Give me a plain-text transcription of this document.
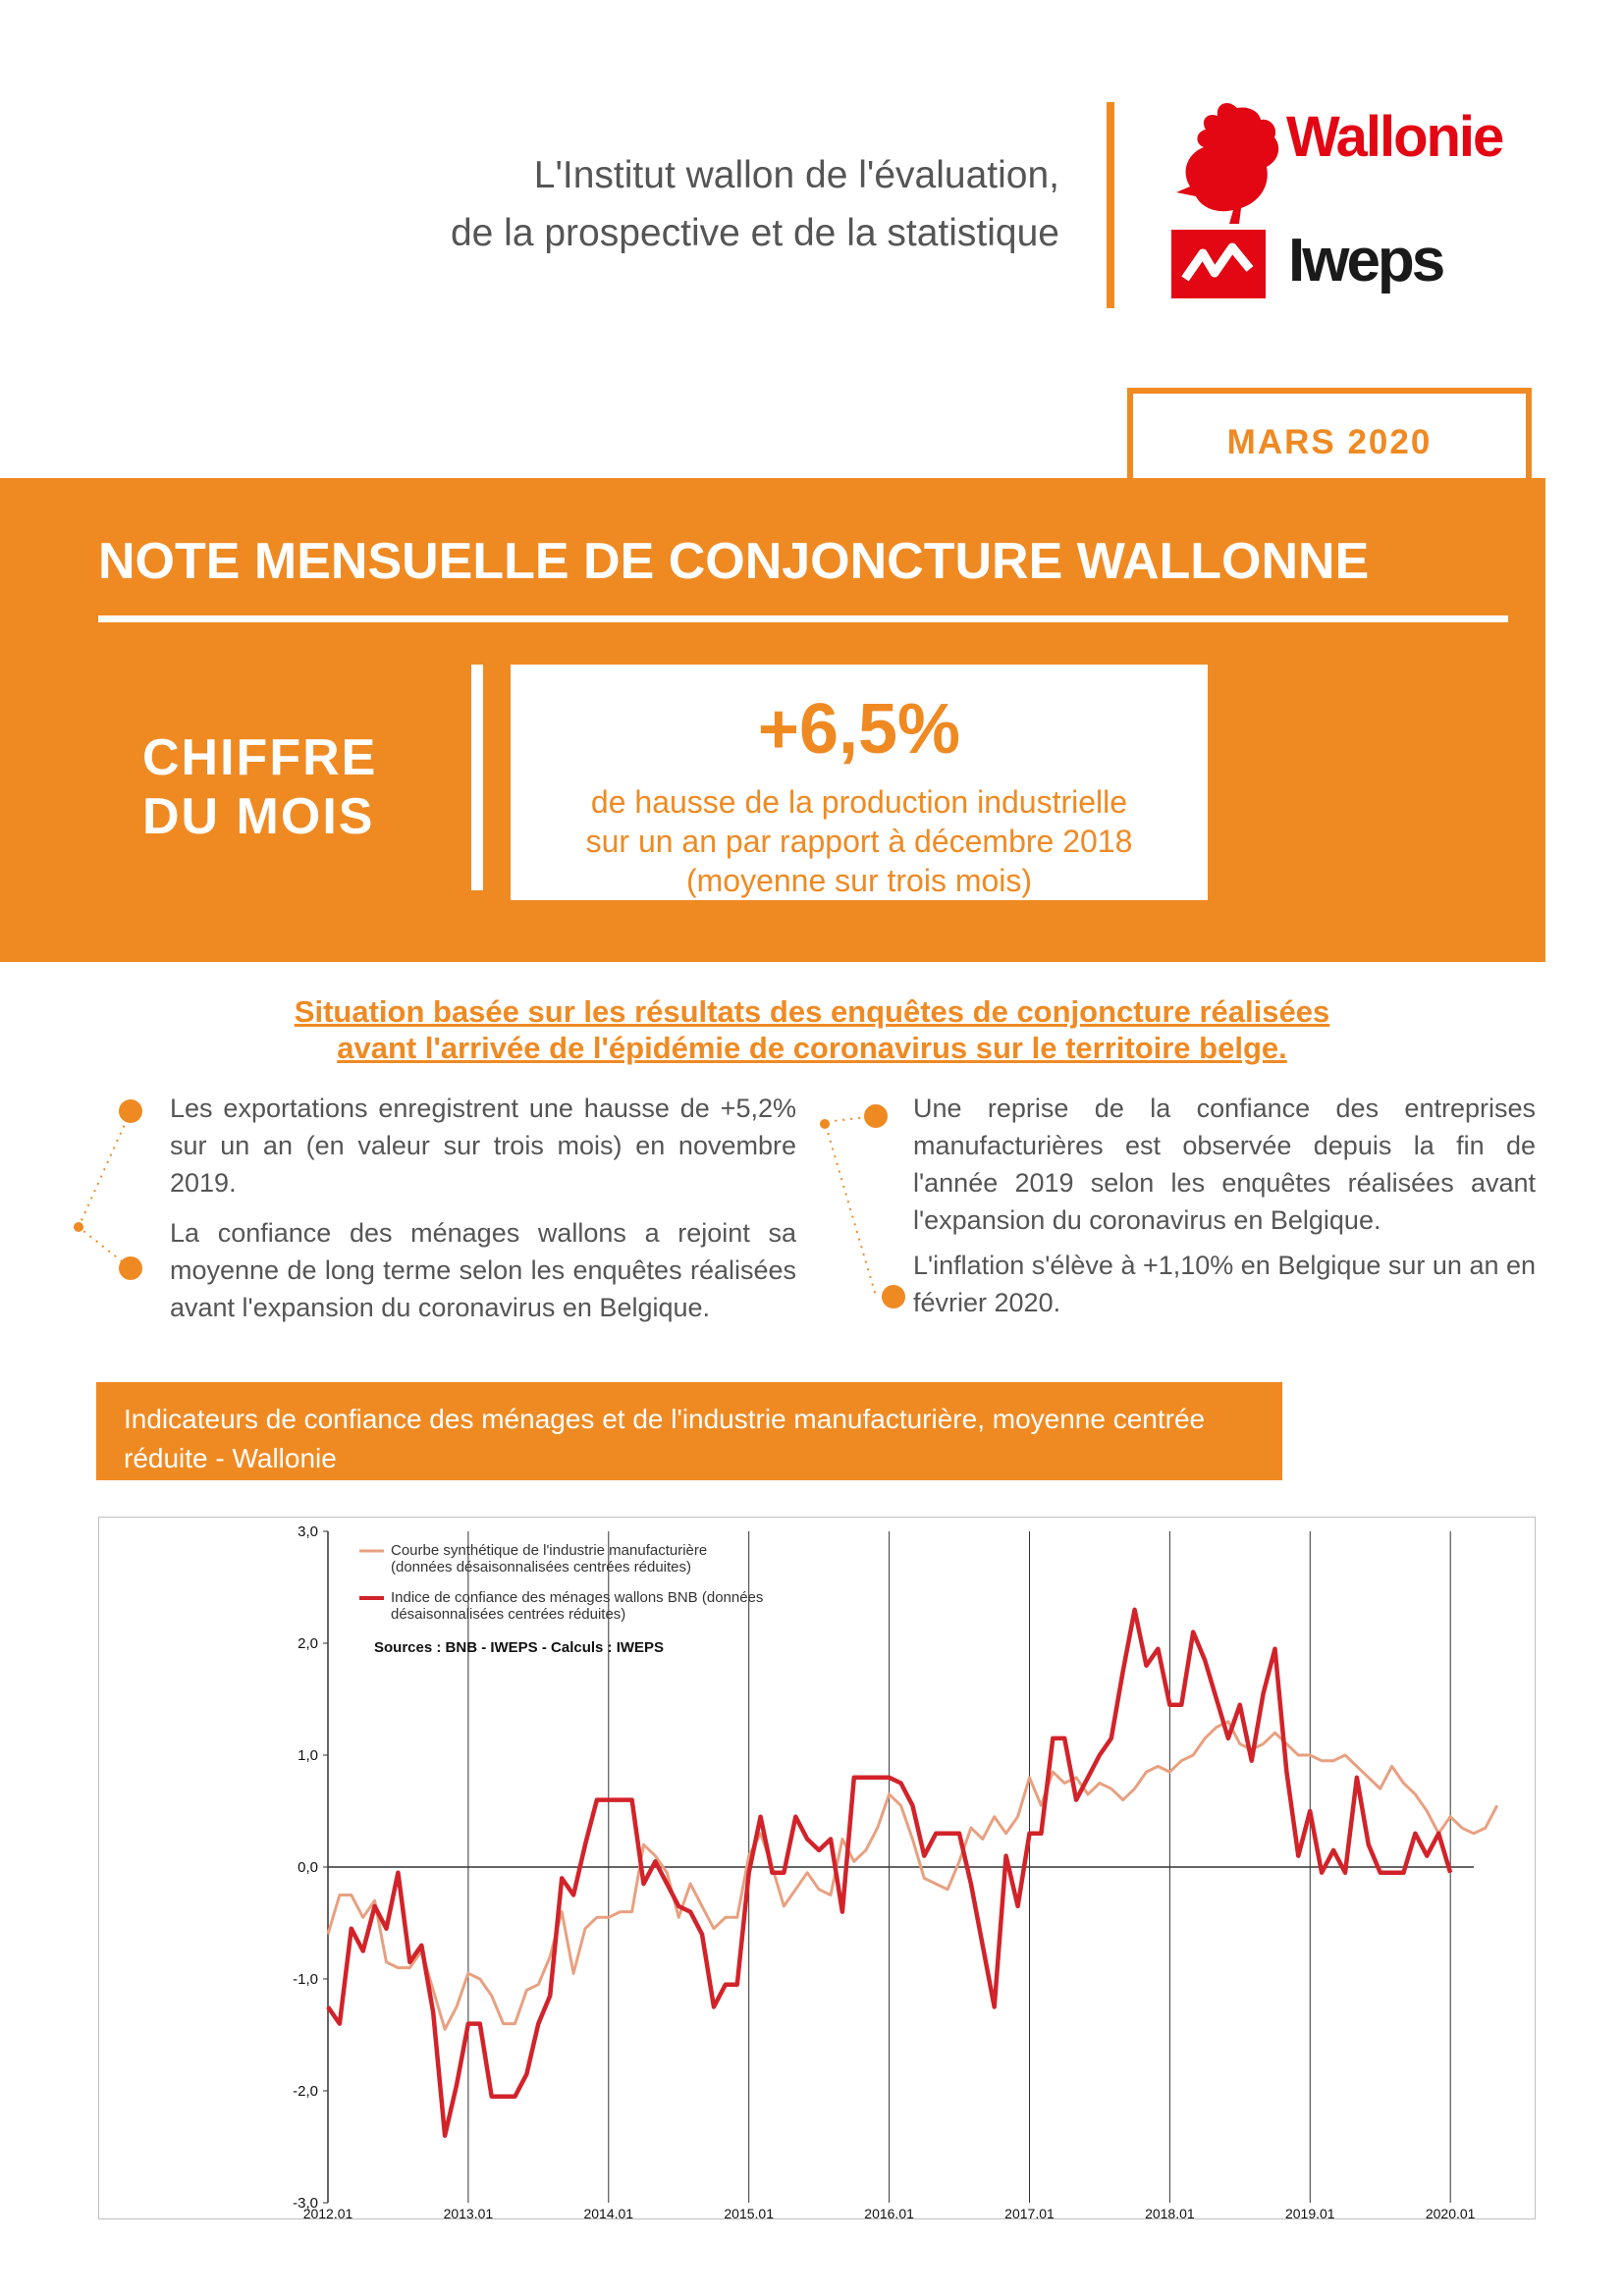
L'Institut wallon de l'évaluation,
de la prospective et de la statistique
Wallonie
Iweps
MARS 2020
NOTE MENSUELLE DE CONJONCTURE WALLONNE
CHIFFRE
DU MOIS
+6,5%
de hausse de la production industrielle
sur un an par rapport à décembre 2018
(moyenne sur trois mois)
Situation basée sur les résultats des enquêtes de conjoncture réalisées
avant l'arrivée de l'épidémie de coronavirus sur le territoire belge.
Les exportations enregistrent une hausse de +5,2% sur un an (en valeur sur trois mois) en novembre 2019.
La confiance des ménages wallons a rejoint sa moyenne de long terme selon les enquêtes réalisées avant l'expansion du coronavirus en Belgique.
Une reprise de la confiance des entreprises manufacturières est observée depuis la fin de l'année 2019 selon les enquêtes réalisées avant l'expansion du coronavirus en Belgique.
L'inflation s'élève à +1,10% en Belgique sur un an en février 2020.
Indicateurs de confiance des ménages et de l'industrie manufacturière, moyenne centrée réduite - Wallonie
3,0
2,0
1,0
0,0
-1,0
-2,0
-3,0
2012.01	2013.01	2014.01	2015.01	2016.01	2017.01	2018.01	2019.01	2020.01
Courbe synthétique de l'industrie manufacturière
(données désaisonnalisées centrées réduites)
Indice de confiance des ménages wallons BNB (données
désaisonnalisées centrées réduites)
Sources : BNB - IWEPS - Calculs : IWEPS
